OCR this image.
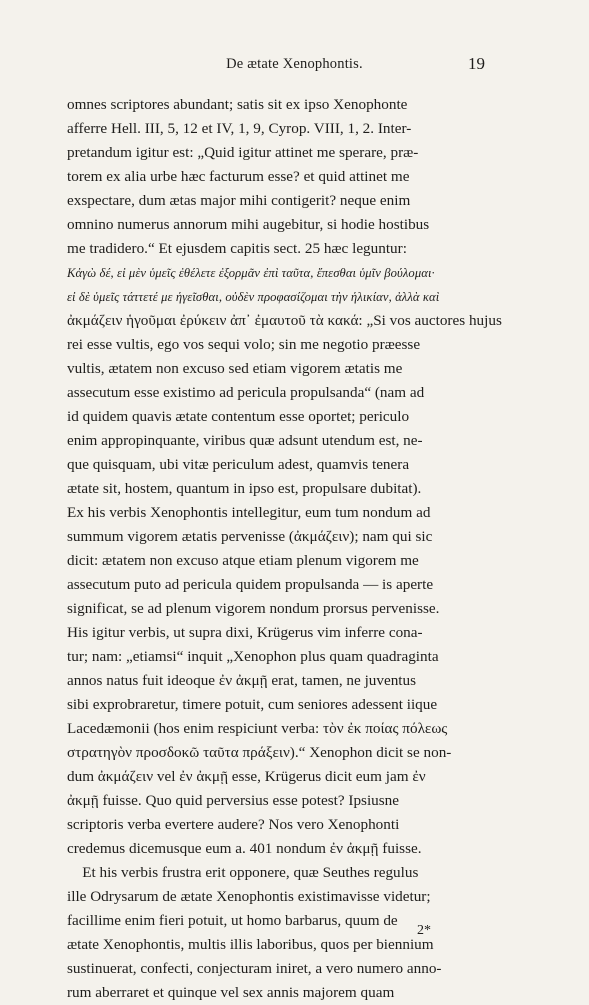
De ætate Xenophontis.	19
omnes scriptores abundant; satis sit ex ipso Xenophonte
afferre Hell. III, 5, 12 et IV, 1, 9, Cyrop. VIII, 1, 2. Inter-
pretandum igitur est: „Quid igitur attinet me sperare, præ-
torem ex alia urbe hæc facturum esse? et quid attinet me
exspectare, dum ætas major mihi contigerit? neque enim
omnino numerus annorum mihi augebitur, si hodie hostibus
me tradidero.“ Et ejusdem capitis sect. 25 hæc leguntur:
Κἀγὼ δέ, εἰ μὲν ὑμεῖς ἐθέλετε ἐξορμᾶν ἐπὶ ταῦτα, ἕπεσθαι ὑμῖν βούλομαι·
εἰ δὲ ὑμεῖς τάττετέ με ἡγεῖσθαι, οὐδὲν προφασίζομαι τὴν ἡλικίαν, ἀλλὰ καὶ
ἀκμάζειν ἡγοῦμαι ἐρύκειν ἀπ᾿ ἐμαυτοῦ τὰ κακά: „Si vos auctores hujus
rei esse vultis, ego vos sequi volo; sin me negotio præesse
vultis, ætatem non excuso sed etiam vigorem ætatis me
assecutum esse existimo ad pericula propulsanda“ (nam ad
id quidem quavis ætate contentum esse oportet; periculo
enim appropinquante, viribus quæ adsunt utendum est, ne-
que quisquam, ubi vitæ periculum adest, quamvis tenera
ætate sit, hostem, quantum in ipso est, propulsare dubitat).
Ex his verbis Xenophontis intellegitur, eum tum nondum ad
summum vigorem ætatis pervenisse (ἀκμάζειν); nam qui sic
dicit: ætatem non excuso atque etiam plenum vigorem me
assecutum puto ad pericula quidem propulsanda — is aperte
significat, se ad plenum vigorem nondum prorsus pervenisse.
His igitur verbis, ut supra dixi, Krügerus vim inferre cona-
tur; nam: „etiamsi“ inquit „Xenophon plus quam quadraginta
annos natus fuit ideoque ἐν ἀκμῇ erat, tamen, ne juventus
sibi exprobraretur, timere potuit, cum seniores adessent iique
Lacedæmonii (hos enim respiciunt verba: τὸν ἐκ ποίας πόλεως
στρατηγὸν προσδοκῶ ταῦτα πράξειν).“ Xenophon dicit se non-
dum ἀκμάζειν vel ἐν ἀκμῇ esse, Krügerus dicit eum jam ἐν
ἀκμῇ fuisse. Quo quid perversius esse potest? Ipsiusne
scriptoris verba evertere audere? Nos vero Xenophonti
credemus dicemusque eum a. 401 nondum ἐν ἀκμῇ fuisse.
Et his verbis frustra erit opponere, quæ Seuthes regulus
ille Odrysarum de ætate Xenophontis existimavisse videtur;
facillime enim fieri potuit, ut homo barbarus, quum de
ætate Xenophontis, multis illis laboribus, quos per biennium
sustinuerat, confecti, conjecturam iniret, a vero numero anno-
rum aberraret et quinque vel sex annis majorem quam
2*
